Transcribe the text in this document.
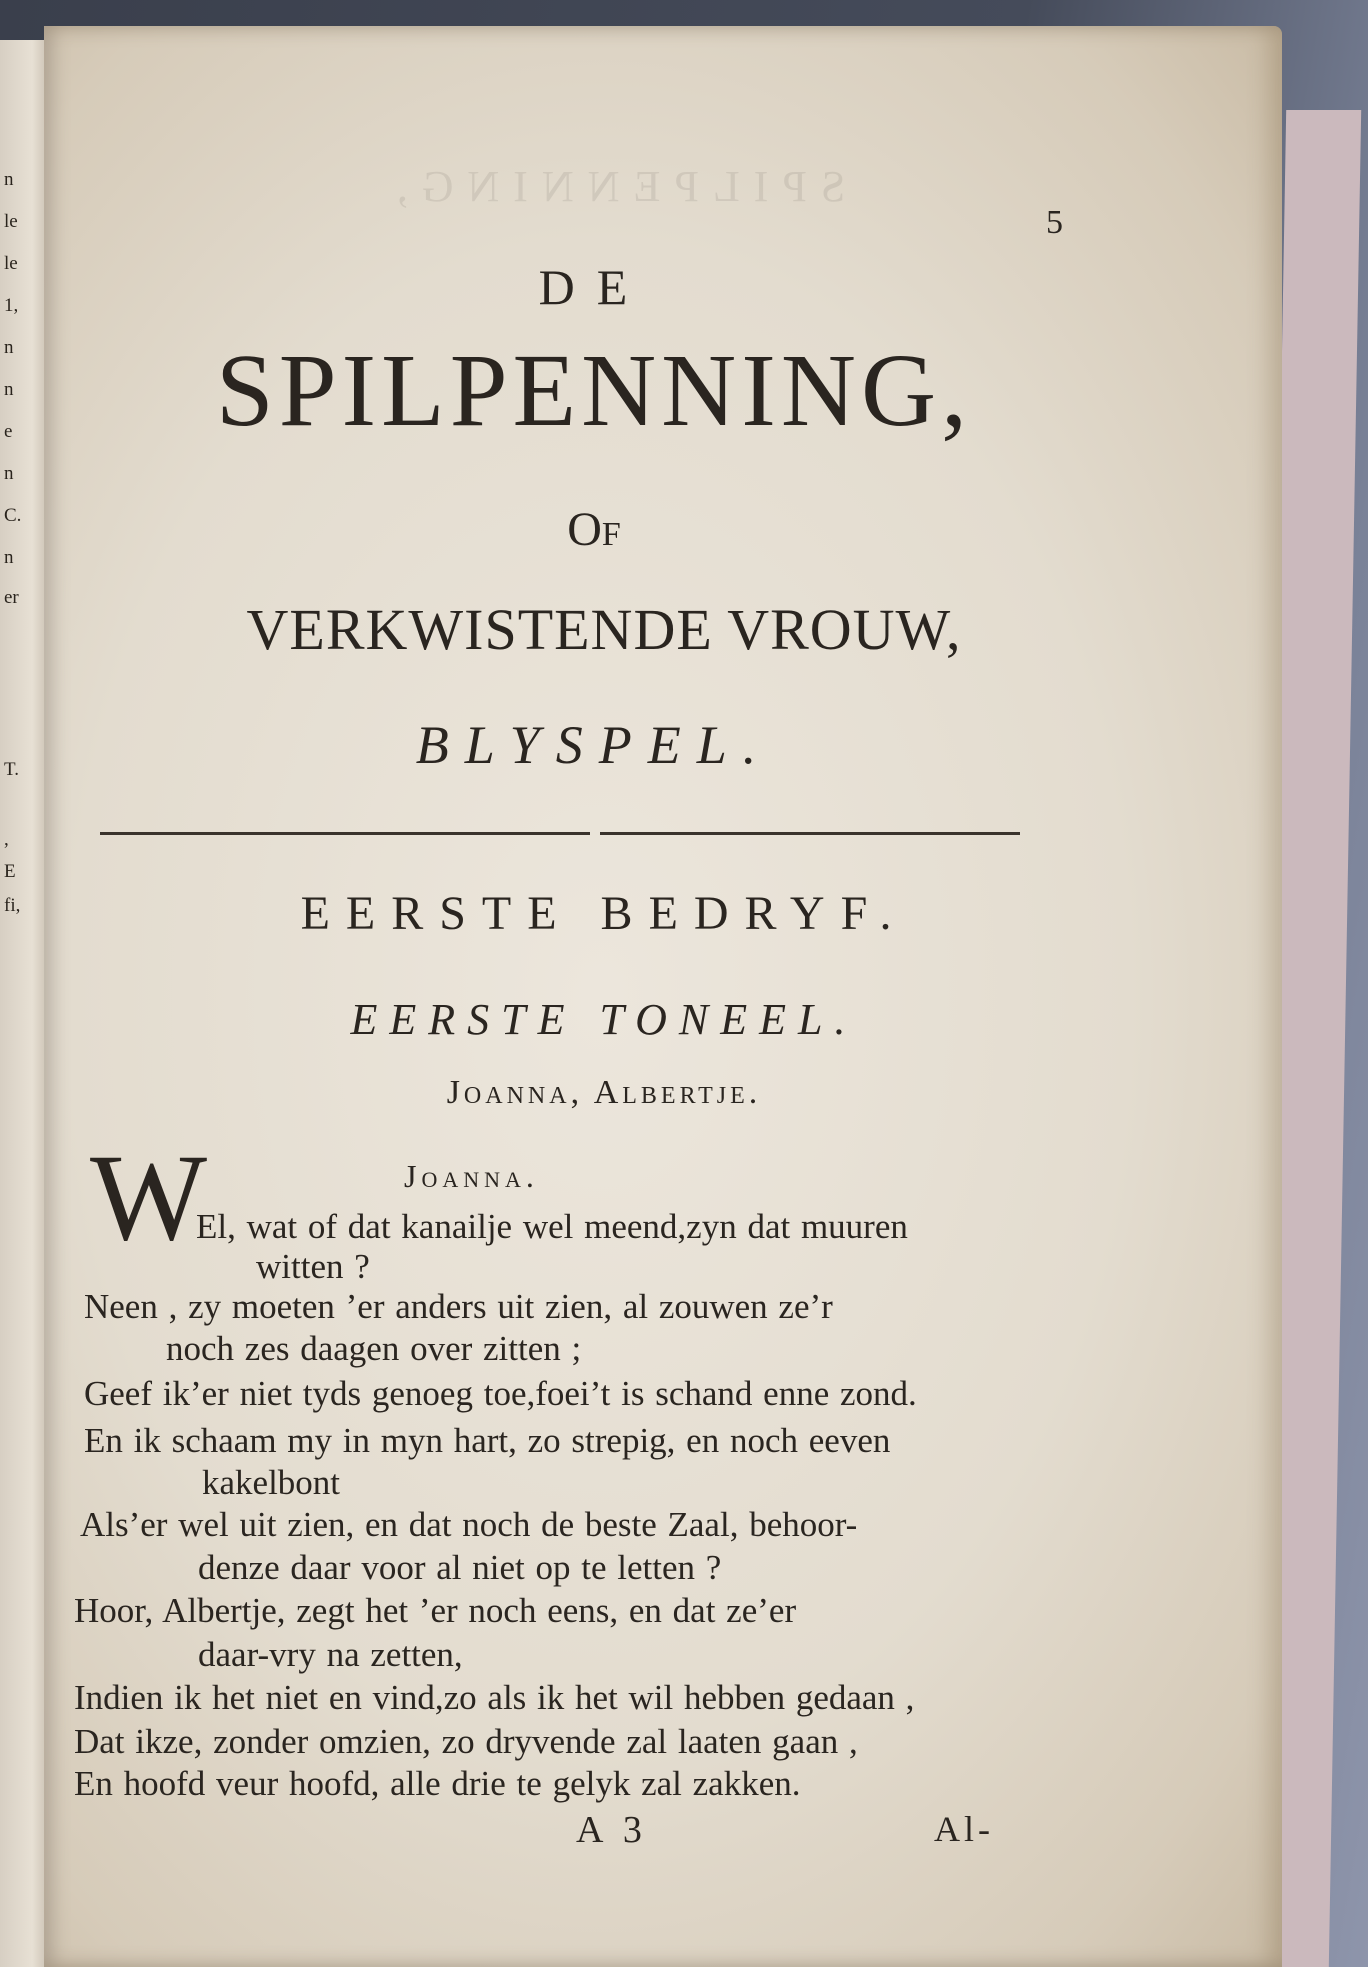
n
le
le
1,
n
n
e
n
C.
n
er
T.
,
E
fi,
SPILPENNING,
5
DE
SPILPENNING,
Of
VERKWISTENDE VROUW,
BLYSPEL.
EERSTE BEDRYF.
EERSTE TONEEL.
Joanna, Albertje.
W	Joanna.
El, wat of dat kanailje wel meend,zyn dat muuren
witten ?
Neen , zy moeten ’er anders uit zien, al zouwen ze’r
noch zes daagen over zitten ;
Geef ik’er niet tyds genoeg toe,foei’t is schand enne zond.
En ik schaam my in myn hart, zo strepig, en noch eeven
kakelbont
Als’er wel uit zien, en dat noch de beste Zaal, behoor-
denze daar voor al niet op te letten ?
Hoor, Albertje, zegt het ’er noch eens, en dat ze’er
daar-vry na zetten,
Indien ik het niet en vind,zo als ik het wil hebben gedaan ,
Dat ikze, zonder omzien, zo dryvende zal laaten gaan ,
En hoofd veur hoofd, alle drie te gelyk zal zakken.
A 3	Al-
